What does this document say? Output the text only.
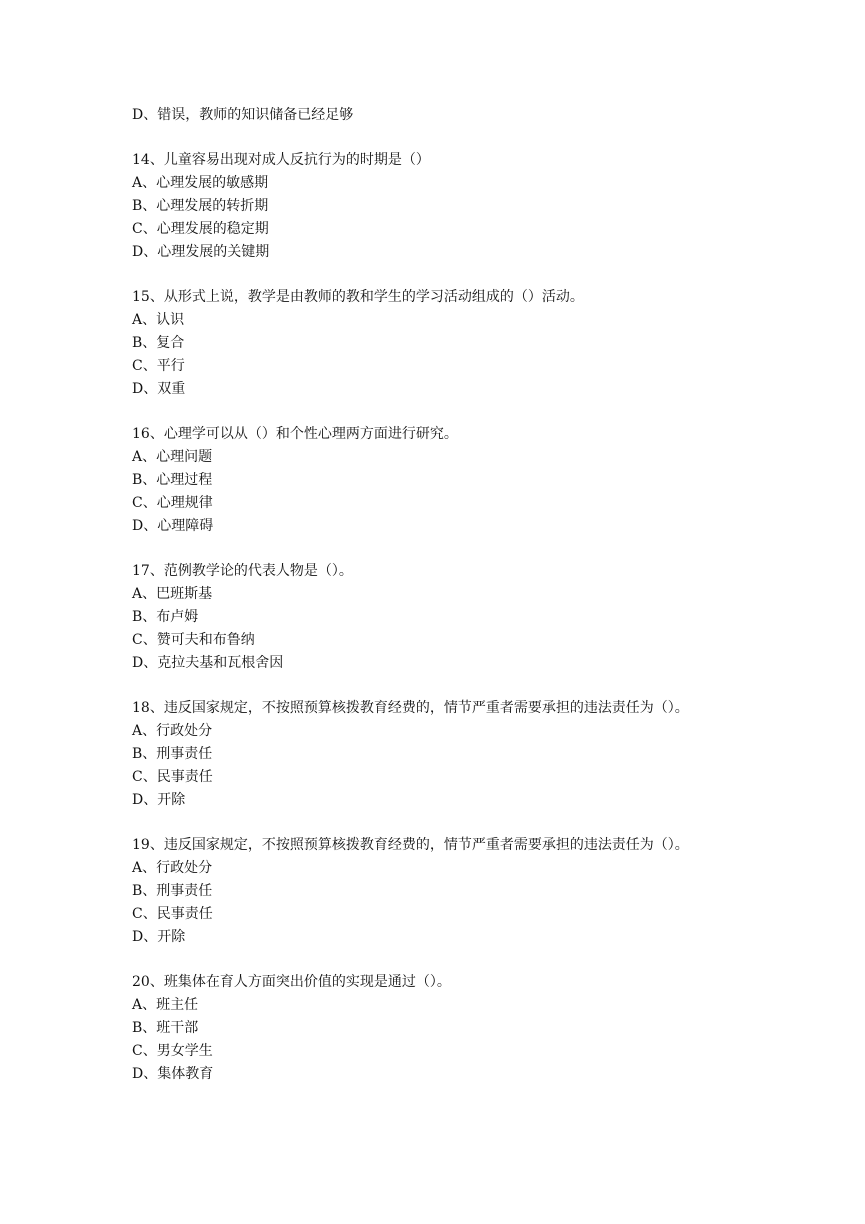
D、错误，教师的知识储备已经足够
14、儿童容易出现对成人反抗行为的时期是（）
A、心理发展的敏感期
B、心理发展的转折期
C、心理发展的稳定期
D、心理发展的关键期
15、从形式上说，教学是由教师的教和学生的学习活动组成的（）活动。
A、认识
B、复合
C、平行
D、双重
16、心理学可以从（）和个性心理两方面进行研究。
A、心理问题
B、心理过程
C、心理规律
D、心理障碍
17、范例教学论的代表人物是（）。
A、巴班斯基
B、布卢姆
C、赞可夫和布鲁纳
D、克拉夫基和瓦根舍因
18、违反国家规定，不按照预算核拨教育经费的，情节严重者需要承担的违法责任为（）。
A、行政处分
B、刑事责任
C、民事责任
D、开除
19、违反国家规定，不按照预算核拨教育经费的，情节严重者需要承担的违法责任为（）。
A、行政处分
B、刑事责任
C、民事责任
D、开除
20、班集体在育人方面突出价值的实现是通过（）。
A、班主任
B、班干部
C、男女学生
D、集体教育
